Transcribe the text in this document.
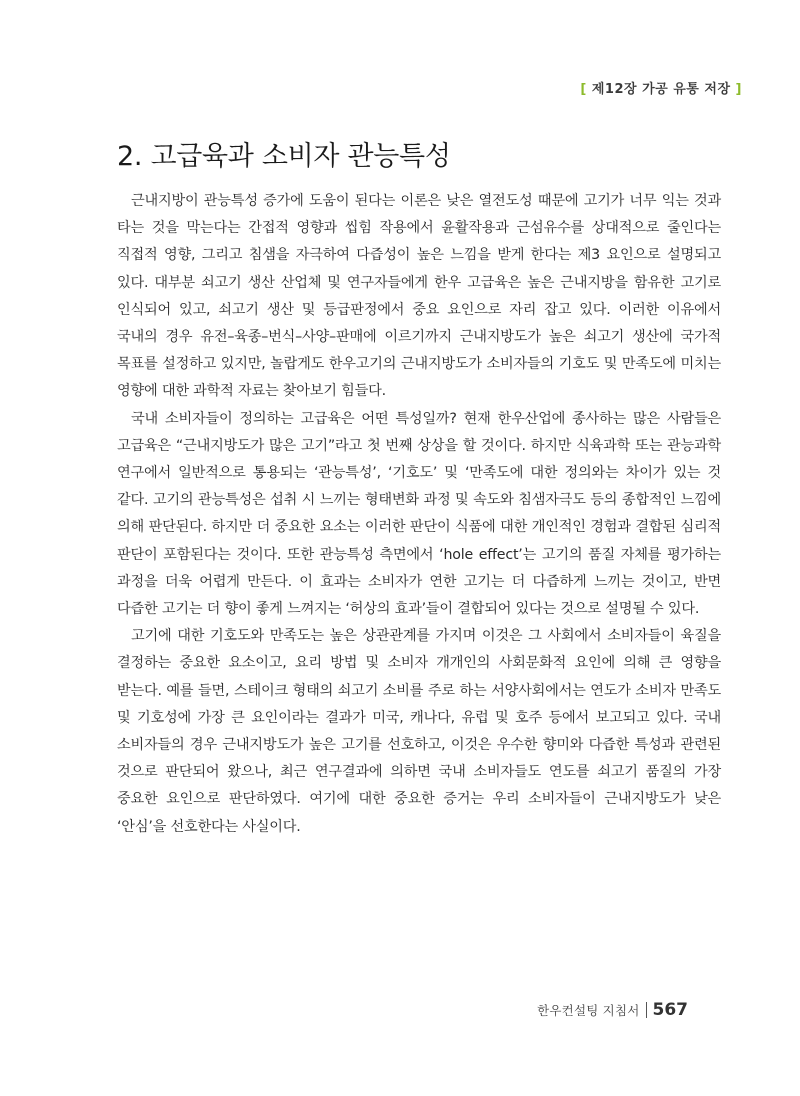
[ 제12장 가공 유통 저장 ]
2. 고급육과 소비자 관능특성

근내지방이 관능특성 증가에 도움이 된다는 이론은 낮은 열전도성 때문에 고기가 너무 익는 것과 타는 것을 막는다는 간접적 영향과 씹힘 작용에서 윤활작용과 근섬유수를 상대적으로 줄인다는 직접적 영향, 그리고 침샘을 자극하여 다즙성이 높은 느낌을 받게 한다는 제3 요인으로 설명되고 있다. 대부분 쇠고기 생산 산업체 및 연구자들에게 한우 고급육은 높은 근내지방을 함유한 고기로 인식되어 있고, 쇠고기 생산 및 등급판정에서 중요 요인으로 자리 잡고 있다. 이러한 이유에서 국내의 경우 유전–육종–번식–사양–판매에 이르기까지 근내지방도가 높은 쇠고기 생산에 국가적 목표를 설정하고 있지만, 놀랍게도 한우고기의 근내지방도가 소비자들의 기호도 및 만족도에 미치는 영향에 대한 과학적 자료는 찾아보기 힘들다.

국내 소비자들이 정의하는 고급육은 어떤 특성일까? 현재 한우산업에 종사하는 많은 사람들은 고급육은 “근내지방도가 많은 고기”라고 첫 번째 상상을 할 것이다. 하지만 식육과학 또는 관능과학 연구에서 일반적으로 통용되는 ‘관능특성’, ‘기호도’ 및 ‘만족도에 대한 정의와는 차이가 있는 것 같다. 고기의 관능특성은 섭취 시 느끼는 형태변화 과정 및 속도와 침샘자극도 등의 종합적인 느낌에 의해 판단된다. 하지만 더 중요한 요소는 이러한 판단이 식품에 대한 개인적인 경험과 결합된 심리적 판단이 포함된다는 것이다. 또한 관능특성 측면에서 ‘hole effect’는 고기의 품질 자체를 평가하는 과정을 더욱 어렵게 만든다. 이 효과는 소비자가 연한 고기는 더 다즙하게 느끼는 것이고, 반면 다즙한 고기는 더 향이 좋게 느껴지는 ‘허상의 효과’들이 결합되어 있다는 것으로 설명될 수 있다.

고기에 대한 기호도와 만족도는 높은 상관관계를 가지며 이것은 그 사회에서 소비자들이 육질을 결정하는 중요한 요소이고, 요리 방법 및 소비자 개개인의 사회문화적 요인에 의해 큰 영향을 받는다. 예를 들면, 스테이크 형태의 쇠고기 소비를 주로 하는 서양사회에서는 연도가 소비자 만족도 및 기호성에 가장 큰 요인이라는 결과가 미국, 캐나다, 유럽 및 호주 등에서 보고되고 있다. 국내 소비자들의 경우 근내지방도가 높은 고기를 선호하고, 이것은 우수한 향미와 다즙한 특성과 관련된 것으로 판단되어 왔으나, 최근 연구결과에 의하면 국내 소비자들도 연도를 쇠고기 품질의 가장 중요한 요인으로 판단하였다. 여기에 대한 중요한 증거는 우리 소비자들이 근내지방도가 낮은 ‘안심’을 선호한다는 사실이다.

한우컨설팅 지침서 567
